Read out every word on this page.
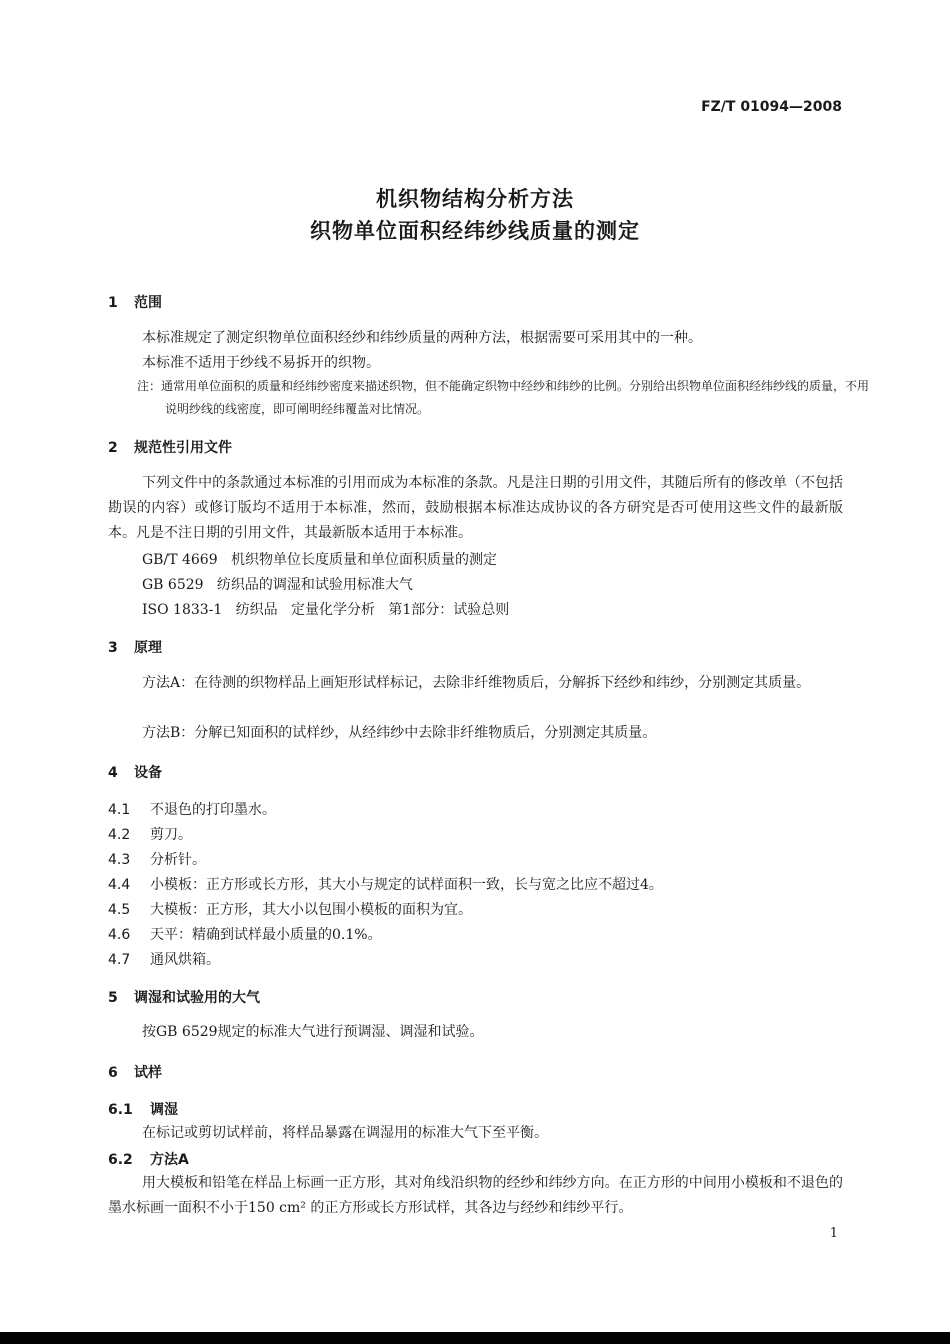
FZ/T 01094—2008
机织物结构分析方法
织物单位面积经纬纱线质量的测定
1 范围
本标准规定了测定织物单位面积经纱和纬纱质量的两种方法，根据需要可采用其中的一种。
本标准不适用于纱线不易拆开的织物。
注：通常用单位面积的质量和经纬纱密度来描述织物，但不能确定织物中经纱和纬纱的比例。分别给出织物单位面积经纬纱线的质量，不用说明纱线的线密度，即可阐明经纬覆盖对比情况。
2 规范性引用文件
下列文件中的条款通过本标准的引用而成为本标准的条款。凡是注日期的引用文件，其随后所有的修改单（不包括勘误的内容）或修订版均不适用于本标准，然而，鼓励根据本标准达成协议的各方研究是否可使用这些文件的最新版本。凡是不注日期的引用文件，其最新版本适用于本标准。
GB/T 4669   机织物单位长度质量和单位面积质量的测定
GB 6529   纺织品的调湿和试验用标准大气
ISO 1833-1   纺织品   定量化学分析   第1部分：试验总则
3 原理
方法A：在待测的织物样品上画矩形试样标记，去除非纤维物质后，分解拆下经纱和纬纱，分别测定其质量。
方法B：分解已知面积的试样纱，从经纬纱中去除非纤维物质后，分别测定其质量。
4 设备
4.1 不退色的打印墨水。
4.2 剪刀。
4.3 分析针。
4.4 小模板：正方形或长方形，其大小与规定的试样面积一致，长与宽之比应不超过4。
4.5 大模板：正方形，其大小以包围小模板的面积为宜。
4.6 天平：精确到试样最小质量的0.1%。
4.7 通风烘箱。
5 调湿和试验用的大气
按GB 6529规定的标准大气进行预调湿、调湿和试验。
6 试样
6.1 调湿
在标记或剪切试样前，将样品暴露在调湿用的标准大气下至平衡。
6.2 方法A
用大模板和铅笔在样品上标画一正方形，其对角线沿织物的经纱和纬纱方向。在正方形的中间用小模板和不退色的墨水标画一面积不小于150 cm² 的正方形或长方形试样，其各边与经纱和纬纱平行。
1
